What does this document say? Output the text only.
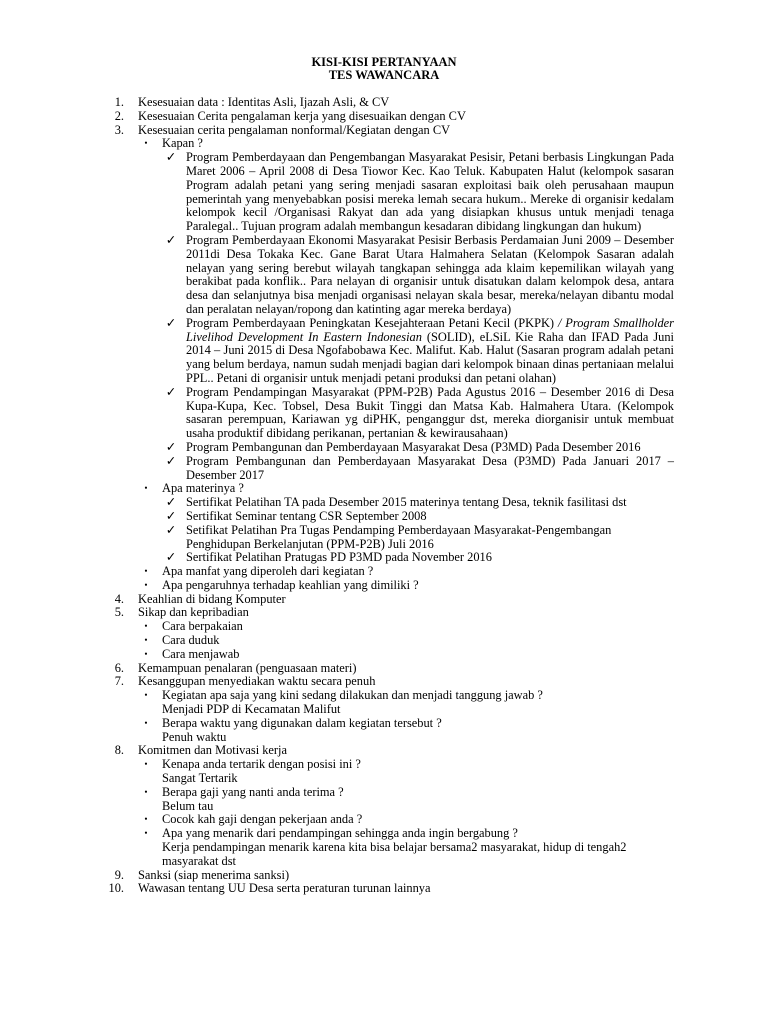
KISI-KISI PERTANYAAN
TES WAWANCARA
1. Kesesuaian data : Identitas Asli, Ijazah Asli, & CV
2. Kesesuaian Cerita pengalaman kerja yang disesuaikan dengan CV
3. Kesesuaian cerita pengalaman nonformal/Kegiatan dengan CV
•	Kapan ?
✓ Program Pemberdayaan dan Pengembangan Masyarakat Pesisir, Petani berbasis Lingkungan Pada Maret 2006 – April 2008 di Desa Tiowor Kec. Kao Teluk. Kabupaten Halut (kelompok sasaran Program adalah petani yang sering menjadi sasaran exploitasi baik oleh perusahaan maupun pemerintah yang menyebabkan posisi mereka lemah secara hukum.. Mereke di organisir kedalam kelompok kecil /Organisasi Rakyat dan ada yang disiapkan khusus untuk menjadi tenaga Paralegal.. Tujuan program adalah membangun kesadaran dibidang lingkungan dan hukum)
✓ Program Pemberdayaan Ekonomi Masyarakat Pesisir Berbasis Perdamaian Juni 2009 – Desember 2011di Desa Tokaka Kec. Gane Barat Utara Halmahera Selatan (Kelompok Sasaran adalah nelayan yang sering berebut wilayah tangkapan sehingga ada klaim kepemilikan wilayah yang berakibat pada konflik.. Para nelayan di organisir untuk disatukan dalam kelompok desa, antara desa dan selanjutnya bisa menjadi organisasi nelayan skala besar, mereka/nelayan dibantu modal dan peralatan nelayan/ropong dan katinting agar mereka berdaya)
✓ Program Pemberdayaan Peningkatan Kesejahteraan Petani Kecil (PKPK) / Program Smallholder Livelihod Development In Eastern Indonesian (SOLID), eLSiL Kie Raha dan IFAD Pada Juni 2014 – Juni 2015 di Desa Ngofabobawa Kec. Malifut. Kab. Halut (Sasaran program adalah petani yang belum berdaya, namun sudah menjadi bagian dari kelompok binaan dinas pertaniaan melalui PPL.. Petani di organisir untuk menjadi petani produksi dan petani olahan)
✓ Program Pendampingan Masyarakat (PPM-P2B) Pada Agustus 2016 – Desember 2016 di Desa Kupa-Kupa, Kec. Tobsel, Desa Bukit Tinggi dan Matsa Kab. Halmahera Utara. (Kelompok sasaran perempuan, Kariawan yg diPHK, penganggur dst, mereka diorganisir untuk membuat usaha produktif dibidang perikanan, pertanian & kewirausahaan)
✓ Program Pembangunan dan Pemberdayaan Masyarakat Desa (P3MD) Pada Desember 2016
✓ Program Pembangunan dan Pemberdayaan Masyarakat Desa (P3MD) Pada Januari 2017 – Desember 2017
•	Apa materinya ?
✓ Sertifikat Pelatihan TA pada Desember 2015 materinya tentang Desa, teknik fasilitasi dst
✓ Sertifikat Seminar tentang CSR September 2008
✓ Setifikat Pelatihan Pra Tugas Pendamping Pemberdayaan Masyarakat-Pengembangan Penghidupan Berkelanjutan (PPM-P2B) Juli 2016
✓ Sertifikat Pelatihan Pratugas PD P3MD pada November 2016
•	Apa manfat yang diperoleh dari kegiatan ?
•	Apa pengaruhnya terhadap keahlian yang dimiliki ?
4. Keahlian di bidang Komputer
5. Sikap dan kepribadian
•	Cara berpakaian
•	Cara duduk
•	Cara menjawab
6. Kemampuan penalaran (penguasaan materi)
7. Kesanggupan menyediakan waktu secara penuh
•	Kegiatan apa saja yang kini sedang dilakukan dan menjadi tanggung jawab ?
Menjadi PDP di Kecamatan Malifut
•	Berapa waktu yang digunakan dalam kegiatan tersebut ?
Penuh waktu
8. Komitmen dan Motivasi kerja
•	Kenapa anda tertarik dengan posisi ini ?
Sangat Tertarik
•	Berapa gaji yang nanti anda terima ?
Belum tau
•	Cocok kah gaji dengan pekerjaan anda ?
•	Apa yang menarik dari pendampingan sehingga anda ingin bergabung ?
Kerja pendampingan menarik karena kita bisa belajar bersama2 masyarakat, hidup di tengah2 masyarakat dst
9. Sanksi (siap menerima sanksi)
10. Wawasan tentang UU Desa serta peraturan turunan lainnya
